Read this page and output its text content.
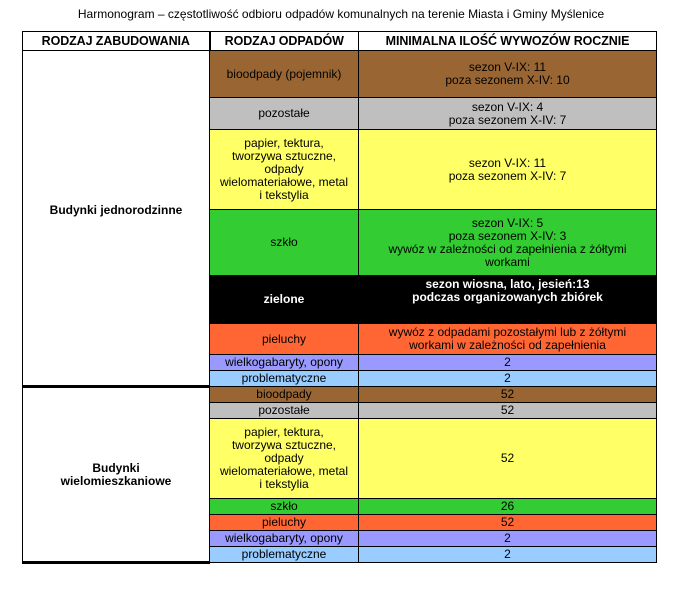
Harmonogram – częstotliwość odbioru odpadów komunalnych na terenie Miasta i Gminy Myślenice
RODZAJ ZABUDOWANIA	RODZAJ ODPADÓW	MINIMALNA ILOŚĆ WYWOZÓW ROCZNIE

Budynki jednorodzinne	bioodpady (pojemnik)	sezon V-IX: 11
poza sezonem X-IV: 10

	pozostałe	sezon V-IX: 4
poza sezonem X-IV: 7

	papier, tektura,
tworzywa sztuczne,
odpady
wielomateriałowe, metal
i tekstylia	sezon V-IX: 11
poza sezonem X-IV: 7

	szkło	sezon V-IX: 5
poza sezonem X-IV: 3
wywóz w zależności od zapełnienia z żółtymi
workami

	zielone	sezon wiosna, lato, jesień:13
podczas organizowanych zbiórek

	pieluchy	wywóz z odpadami pozostałymi lub z żółtymi
workami w zależności od zapełnienia

	wielkogabaryty, opony	2

	problematyczne	2

Budynki
wielomieszkaniowe	bioodpady	52

	pozostałe	52

	papier, tektura,
tworzywa sztuczne,
odpady
wielomateriałowe, metal
i tekstylia	52

	szkło	26

	pieluchy	52

	wielkogabaryty, opony	2

	problematyczne	2
